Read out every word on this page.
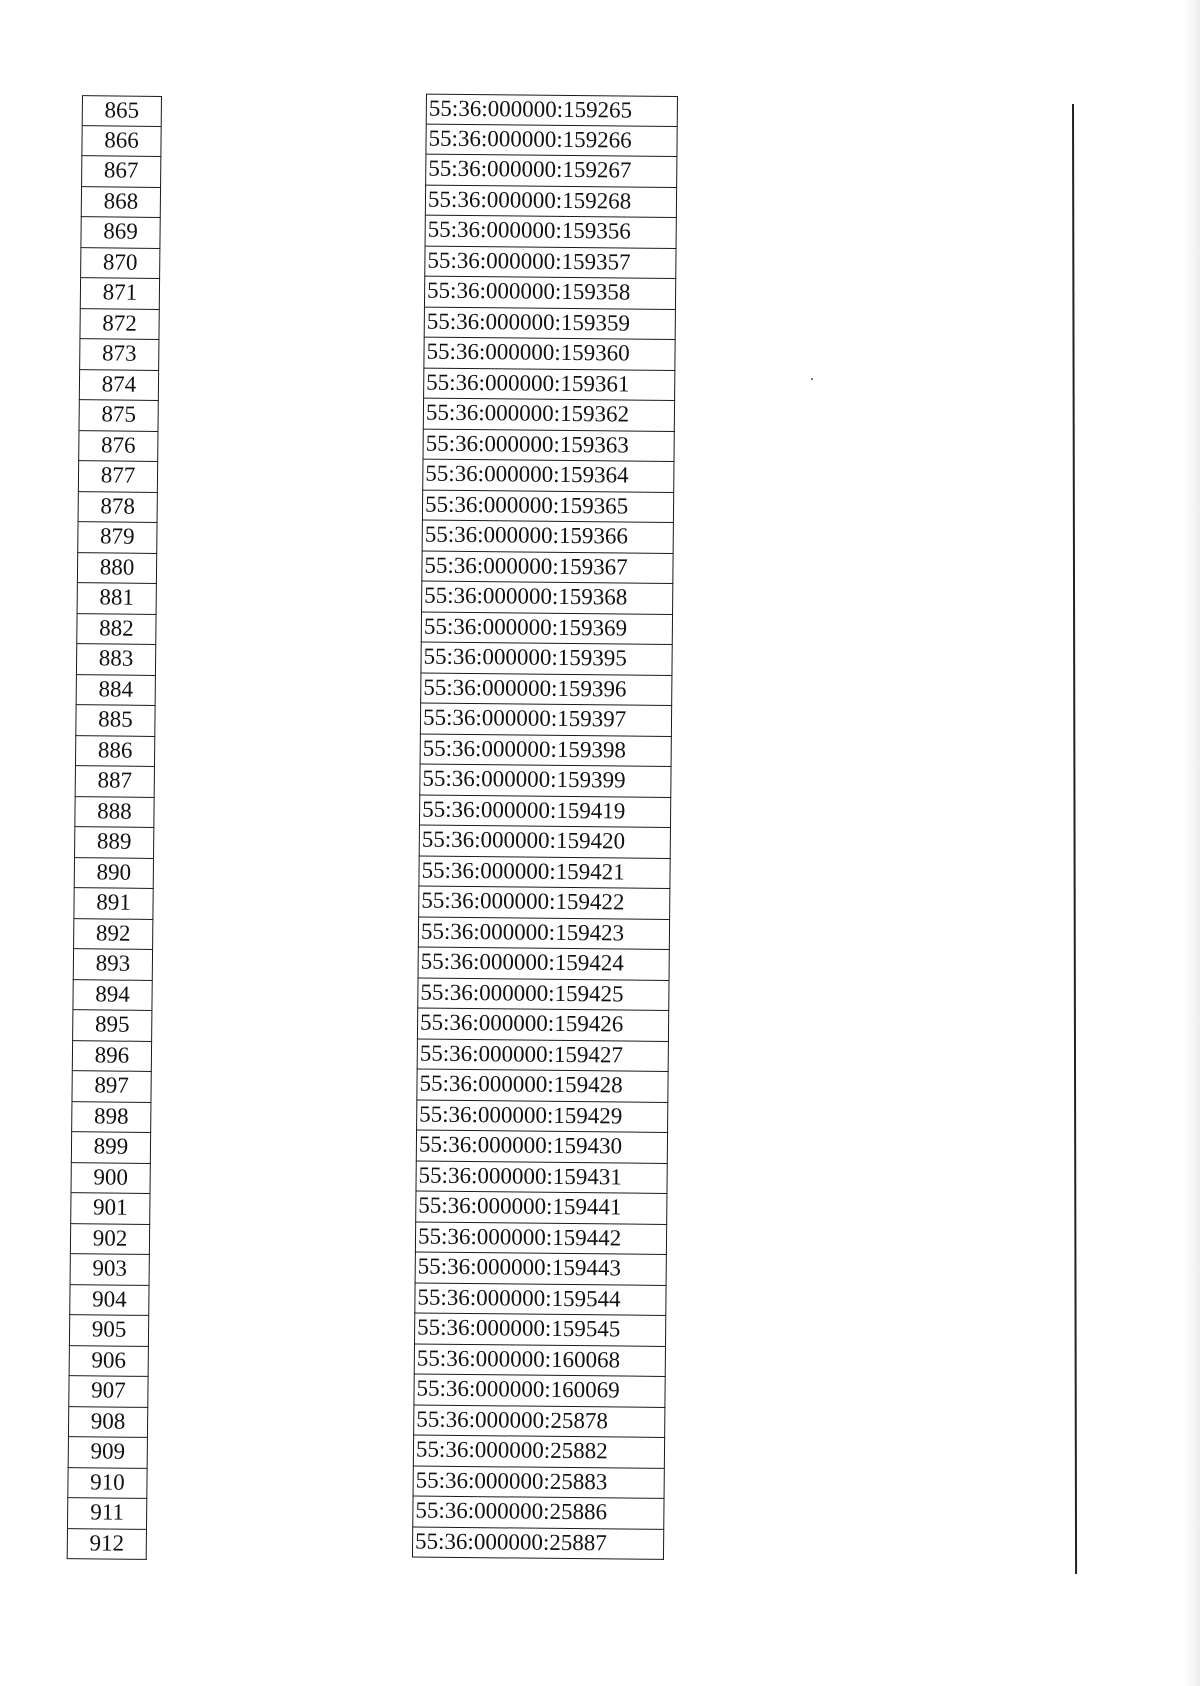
865
866
867
868
869
870
871
872
873
874
875
876
877
878
879
880
881
882
883
884
885
886
887
888
889
890
891
892
893
894
895
896
897
898
899
900
901
902
903
904
905
906
907
908
909
910
911
912
55:36:000000:159265
55:36:000000:159266
55:36:000000:159267
55:36:000000:159268
55:36:000000:159356
55:36:000000:159357
55:36:000000:159358
55:36:000000:159359
55:36:000000:159360
55:36:000000:159361
55:36:000000:159362
55:36:000000:159363
55:36:000000:159364
55:36:000000:159365
55:36:000000:159366
55:36:000000:159367
55:36:000000:159368
55:36:000000:159369
55:36:000000:159395
55:36:000000:159396
55:36:000000:159397
55:36:000000:159398
55:36:000000:159399
55:36:000000:159419
55:36:000000:159420
55:36:000000:159421
55:36:000000:159422
55:36:000000:159423
55:36:000000:159424
55:36:000000:159425
55:36:000000:159426
55:36:000000:159427
55:36:000000:159428
55:36:000000:159429
55:36:000000:159430
55:36:000000:159431
55:36:000000:159441
55:36:000000:159442
55:36:000000:159443
55:36:000000:159544
55:36:000000:159545
55:36:000000:160068
55:36:000000:160069
55:36:000000:25878
55:36:000000:25882
55:36:000000:25883
55:36:000000:25886
55:36:000000:25887
